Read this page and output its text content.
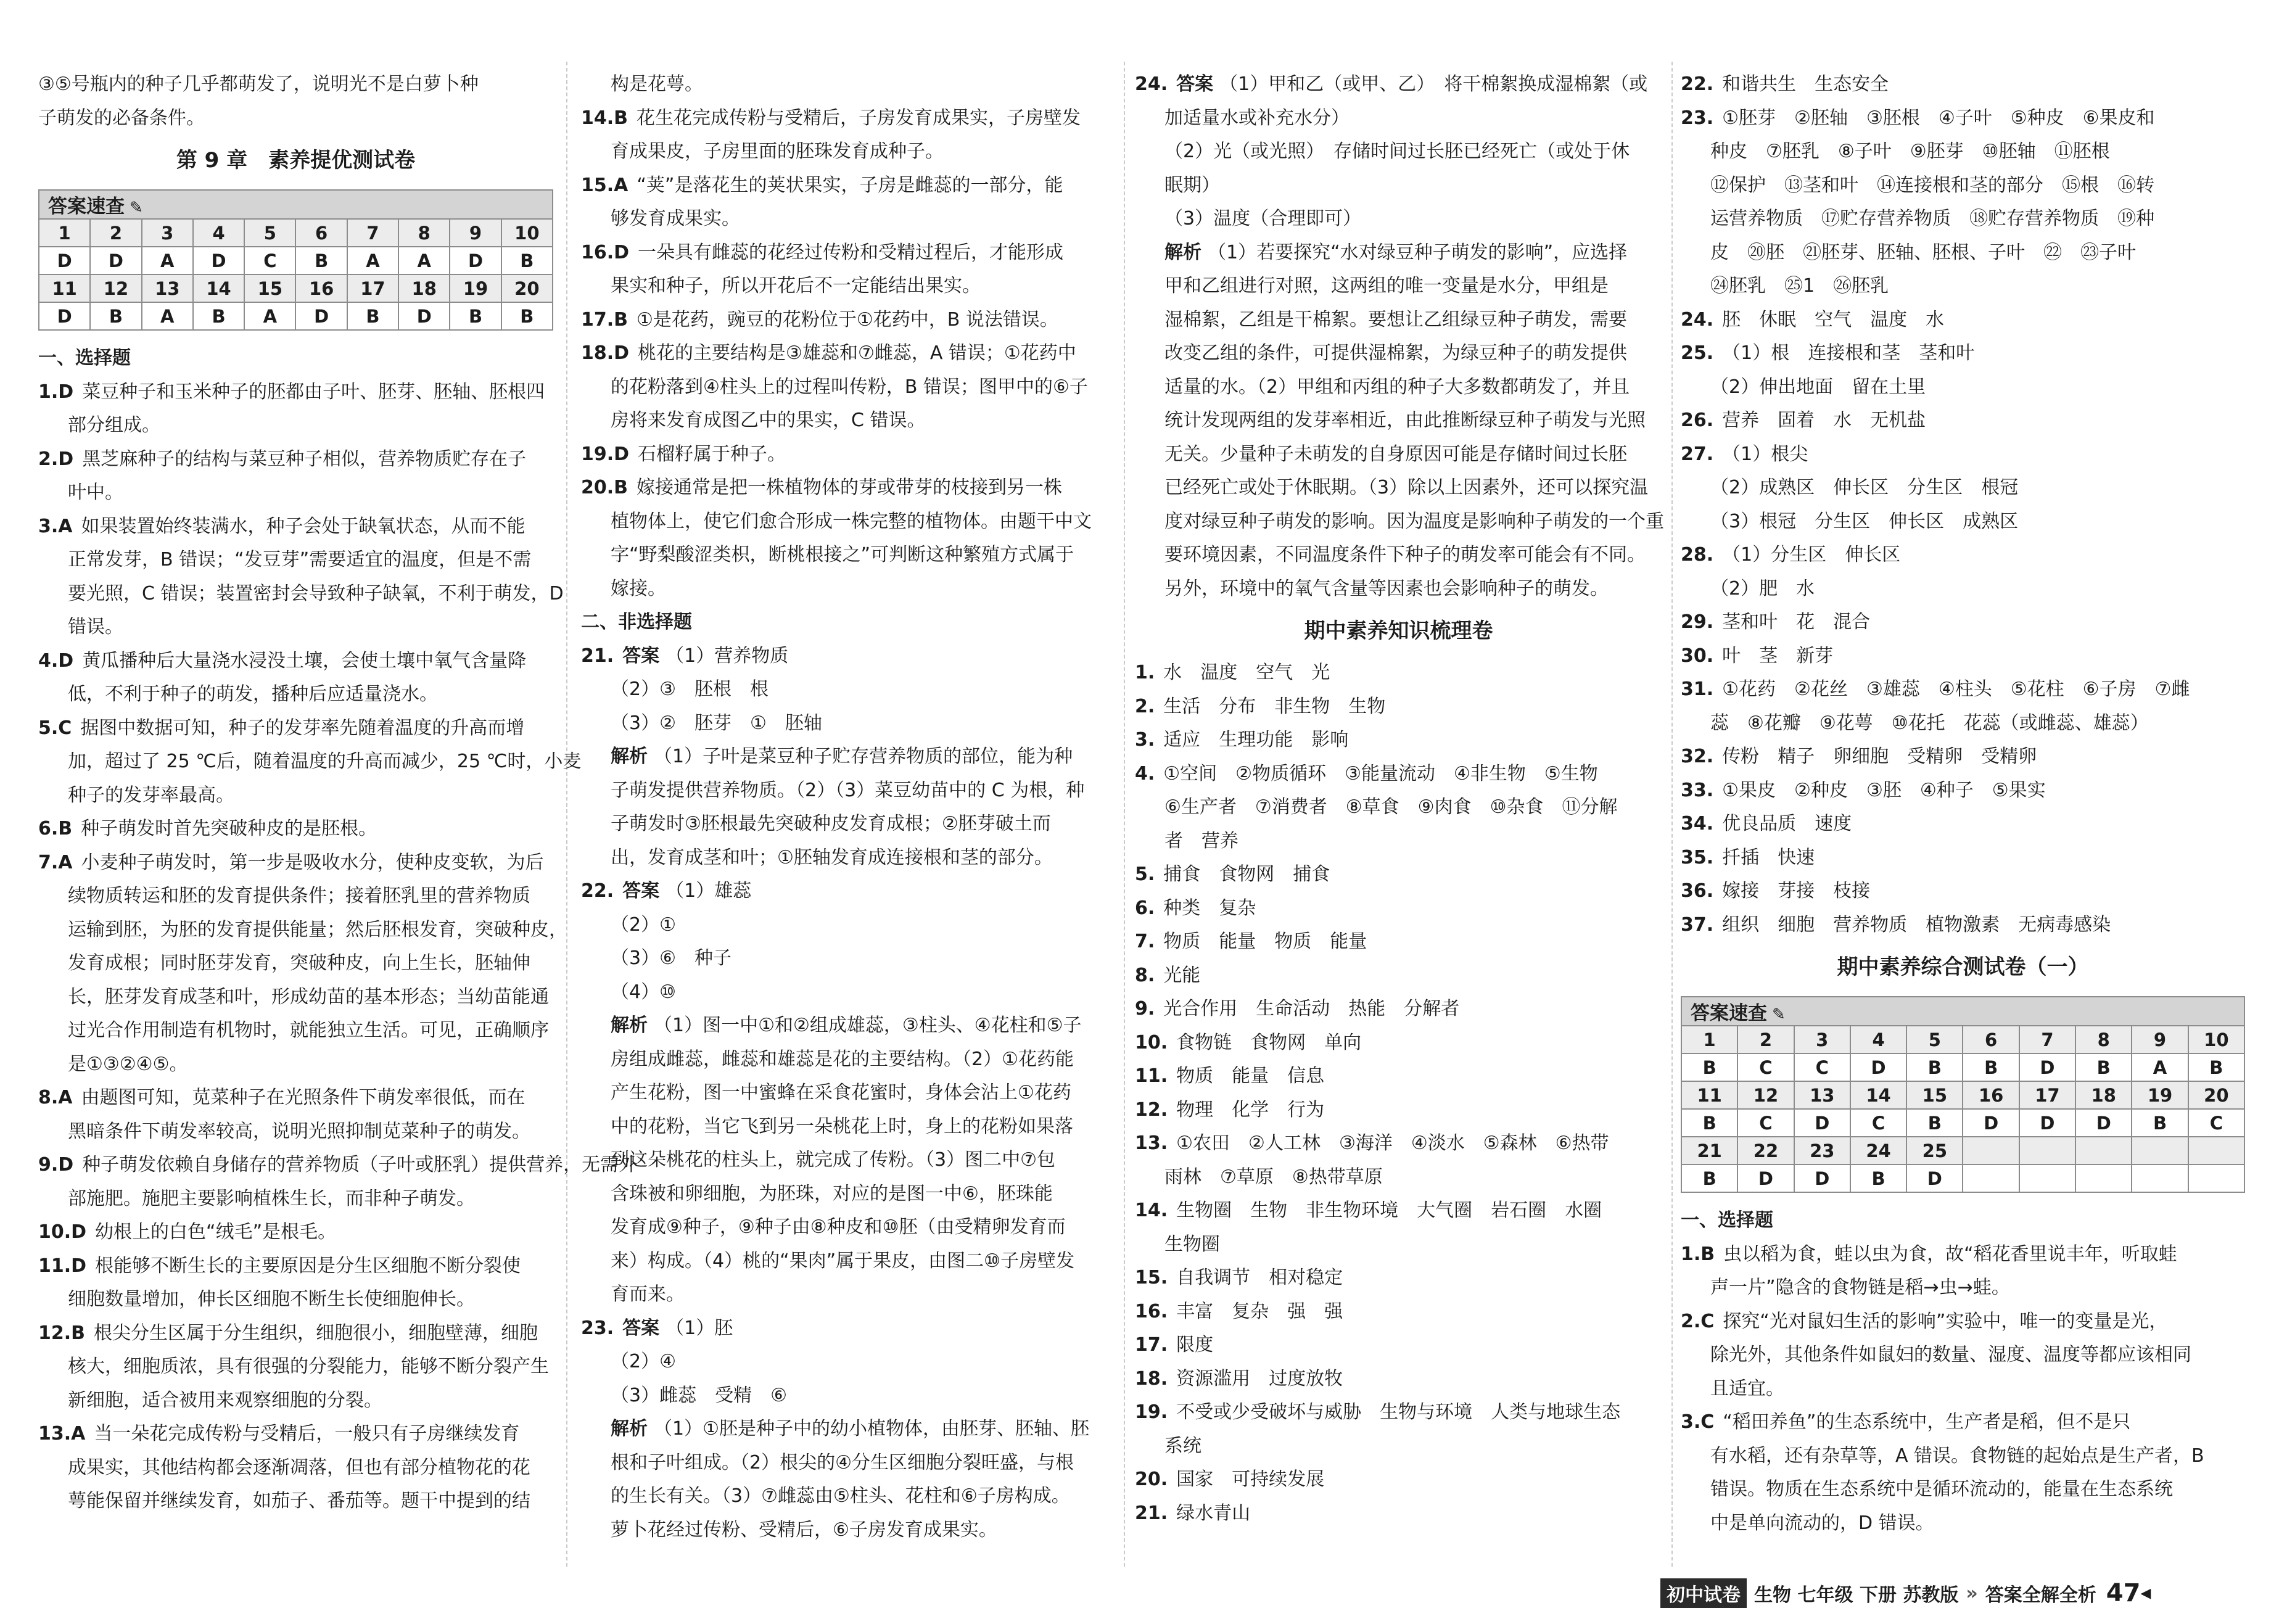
③⑤号瓶内的种子几乎都萌发了，说明光不是白萝卜种
子萌发的必备条件。
第 9 章　素养提优测试卷
答案速查 ✎									
1	2	3	4	5	6	7	8	9	10
D	D	A	D	C	B	A	A	D	B
11	12	13	14	15	16	17	18	19	20
D	B	A	B	A	D	B	D	B	B
一、选择题
1.D 菜豆种子和玉米种子的胚都由子叶、胚芽、胚轴、胚根四
部分组成。
2.D 黑芝麻种子的结构与菜豆种子相似，营养物质贮存在子
叶中。
3.A 如果装置始终装满水，种子会处于缺氧状态，从而不能
正常发芽，B 错误；“发豆芽”需要适宜的温度，但是不需
要光照，C 错误；装置密封会导致种子缺氧，不利于萌发，D
错误。
4.D 黄瓜播种后大量浇水浸没土壤，会使土壤中氧气含量降
低，不利于种子的萌发，播种后应适量浇水。
5.C 据图中数据可知，种子的发芽率先随着温度的升高而增
加，超过了 25 ℃后，随着温度的升高而减少，25 ℃时，小麦
种子的发芽率最高。
6.B 种子萌发时首先突破种皮的是胚根。
7.A 小麦种子萌发时，第一步是吸收水分，使种皮变软，为后
续物质转运和胚的发育提供条件；接着胚乳里的营养物质
运输到胚，为胚的发育提供能量；然后胚根发育，突破种皮，
发育成根；同时胚芽发育，突破种皮，向上生长，胚轴伸
长，胚芽发育成茎和叶，形成幼苗的基本形态；当幼苗能通
过光合作用制造有机物时，就能独立生活。可见，正确顺序
是①③②④⑤。
8.A 由题图可知，苋菜种子在光照条件下萌发率很低，而在
黑暗条件下萌发率较高，说明光照抑制苋菜种子的萌发。
9.D 种子萌发依赖自身储存的营养物质（子叶或胚乳）提供营养，无需外
部施肥。施肥主要影响植株生长，而非种子萌发。
10.D 幼根上的白色“绒毛”是根毛。
11.D 根能够不断生长的主要原因是分生区细胞不断分裂使
细胞数量增加，伸长区细胞不断生长使细胞伸长。
12.B 根尖分生区属于分生组织，细胞很小，细胞壁薄，细胞
核大，细胞质浓，具有很强的分裂能力，能够不断分裂产生
新细胞，适合被用来观察细胞的分裂。
13.A 当一朵花完成传粉与受精后，一般只有子房继续发育
成果实，其他结构都会逐渐凋落，但也有部分植物花的花
萼能保留并继续发育，如茄子、番茄等。题干中提到的结
构是花萼。
14.B 花生花完成传粉与受精后，子房发育成果实，子房壁发
育成果皮，子房里面的胚珠发育成种子。
15.A “荚”是落花生的荚状果实，子房是雌蕊的一部分，能
够发育成果实。
16.D 一朵具有雌蕊的花经过传粉和受精过程后，才能形成
果实和种子，所以开花后不一定能结出果实。
17.B ①是花药，豌豆的花粉位于①花药中，B 说法错误。
18.D 桃花的主要结构是③雄蕊和⑦雌蕊，A 错误；①花药中
的花粉落到④柱头上的过程叫传粉，B 错误；图甲中的⑥子
房将来发育成图乙中的果实，C 错误。
19.D 石榴籽属于种子。
20.B 嫁接通常是把一株植物体的芽或带芽的枝接到另一株
植物体上，使它们愈合形成一株完整的植物体。由题干中文
字“野梨酸涩类枳，断桃根接之”可判断这种繁殖方式属于
嫁接。
二、非选择题
21. 答案 （1）营养物质
（2）③　胚根　根
（3）②　胚芽　①　胚轴
解析 （1）子叶是菜豆种子贮存营养物质的部位，能为种
子萌发提供营养物质。（2）（3）菜豆幼苗中的 C 为根，种
子萌发时③胚根最先突破种皮发育成根；②胚芽破土而
出，发育成茎和叶；①胚轴发育成连接根和茎的部分。
22. 答案 （1）雄蕊
（2）①
（3）⑥　种子
（4）⑩
解析 （1）图一中①和②组成雄蕊，③柱头、④花柱和⑤子
房组成雌蕊，雌蕊和雄蕊是花的主要结构。（2）①花药能
产生花粉，图一中蜜蜂在采食花蜜时，身体会沾上①花药
中的花粉，当它飞到另一朵桃花上时，身上的花粉如果落
到这朵桃花的柱头上，就完成了传粉。（3）图二中⑦包
含珠被和卵细胞，为胚珠，对应的是图一中⑥，胚珠能
发育成⑨种子，⑨种子由⑧种皮和⑩胚（由受精卵发育而
来）构成。（4）桃的“果肉”属于果皮，由图二⑩子房壁发
育而来。
23. 答案 （1）胚
（2）④
（3）雌蕊　受精　⑥
解析 （1）①胚是种子中的幼小植物体，由胚芽、胚轴、胚
根和子叶组成。（2）根尖的④分生区细胞分裂旺盛，与根
的生长有关。（3）⑦雌蕊由⑤柱头、花柱和⑥子房构成。
萝卜花经过传粉、受精后，⑥子房发育成果实。
24. 答案 （1）甲和乙（或甲、乙）　将干棉絮换成湿棉絮（或
加适量水或补充水分）
（2）光（或光照）　存储时间过长胚已经死亡（或处于休
眠期）
（3）温度（合理即可）
解析 （1）若要探究“水对绿豆种子萌发的影响”，应选择
甲和乙组进行对照，这两组的唯一变量是水分，甲组是
湿棉絮，乙组是干棉絮。要想让乙组绿豆种子萌发，需要
改变乙组的条件，可提供湿棉絮，为绿豆种子的萌发提供
适量的水。（2）甲组和丙组的种子大多数都萌发了，并且
统计发现两组的发芽率相近，由此推断绿豆种子萌发与光照
无关。少量种子未萌发的自身原因可能是存储时间过长胚
已经死亡或处于休眠期。（3）除以上因素外，还可以探究温
度对绿豆种子萌发的影响。因为温度是影响种子萌发的一个重
要环境因素，不同温度条件下种子的萌发率可能会有不同。
另外，环境中的氧气含量等因素也会影响种子的萌发。
期中素养知识梳理卷
1. 水　温度　空气　光
2. 生活　分布　非生物　生物
3. 适应　生理功能　影响
4. ①空间　②物质循环　③能量流动　④非生物　⑤生物
⑥生产者　⑦消费者　⑧草食　⑨肉食　⑩杂食　⑪分解
者　营养
5. 捕食　食物网　捕食
6. 种类　复杂
7. 物质　能量　物质　能量
8. 光能
9. 光合作用　生命活动　热能　分解者
10. 食物链　食物网　单向
11. 物质　能量　信息
12. 物理　化学　行为
13. ①农田　②人工林　③海洋　④淡水　⑤森林　⑥热带
雨林　⑦草原　⑧热带草原
14. 生物圈　生物　非生物环境　大气圈　岩石圈　水圈
生物圈
15. 自我调节　相对稳定
16. 丰富　复杂　强　强
17. 限度
18. 资源滥用　过度放牧
19. 不受或少受破坏与威胁　生物与环境　人类与地球生态
系统
20. 国家　可持续发展
21. 绿水青山
22. 和谐共生　生态安全
23. ①胚芽　②胚轴　③胚根　④子叶　⑤种皮　⑥果皮和
种皮　⑦胚乳　⑧子叶　⑨胚芽　⑩胚轴　⑪胚根
⑫保护　⑬茎和叶　⑭连接根和茎的部分　⑮根　⑯转
运营养物质　⑰贮存营养物质　⑱贮存营养物质　⑲种
皮　⑳胚　㉑胚芽、胚轴、胚根、子叶　㉒　㉓子叶
㉔胚乳　㉕1　㉖胚乳
24. 胚　休眠　空气　温度　水
25. （1）根　连接根和茎　茎和叶
（2）伸出地面　留在土里
26. 营养　固着　水　无机盐
27. （1）根尖
（2）成熟区　伸长区　分生区　根冠
（3）根冠　分生区　伸长区　成熟区
28. （1）分生区　伸长区
（2）肥　水
29. 茎和叶　花　混合
30. 叶　茎　新芽
31. ①花药　②花丝　③雄蕊　④柱头　⑤花柱　⑥子房　⑦雌
蕊　⑧花瓣　⑨花萼　⑩花托　花蕊（或雌蕊、雄蕊）
32. 传粉　精子　卵细胞　受精卵　受精卵
33. ①果皮　②种皮　③胚　④种子　⑤果实
34. 优良品质　速度
35. 扦插　快速
36. 嫁接　芽接　枝接
37. 组织　细胞　营养物质　植物激素　无病毒感染
期中素养综合测试卷（一）
答案速查 ✎									
1	2	3	4	5	6	7	8	9	10
B	C	C	D	B	B	D	B	A	B
11	12	13	14	15	16	17	18	19	20
B	C	D	C	B	D	D	D	B	C
21	22	23	24	25					
B	D	D	B	D					
一、选择题
1.B 虫以稻为食，蛙以虫为食，故“稻花香里说丰年，听取蛙
声一片”隐含的食物链是稻→虫→蛙。
2.C 探究“光对鼠妇生活的影响”实验中，唯一的变量是光，
除光外，其他条件如鼠妇的数量、湿度、温度等都应该相同
且适宜。
3.C “稻田养鱼”的生态系统中，生产者是稻，但不是只
有水稻，还有杂草等，A 错误。食物链的起始点是生产者，B
错误。物质在生态系统中是循环流动的，能量在生态系统
中是单向流动的，D 错误。
初中试卷 生物
七年级
下册
苏教版 » 答案全解全析 47 ◀
